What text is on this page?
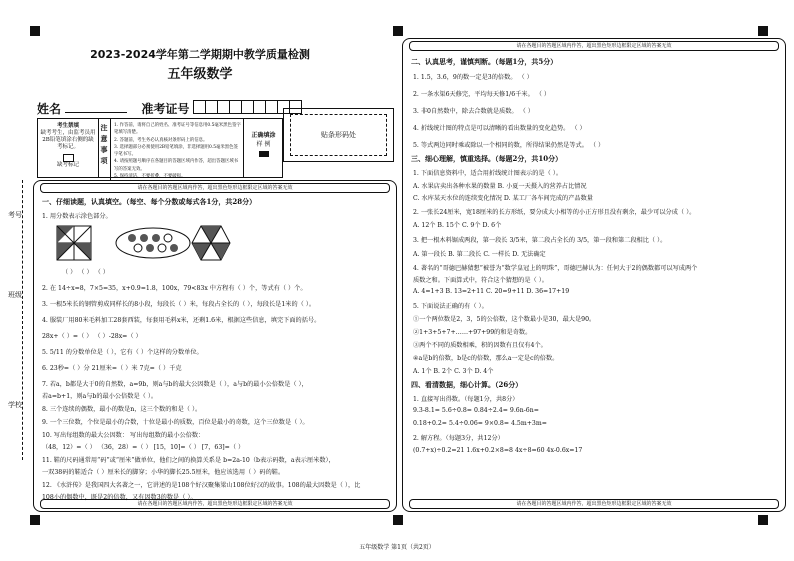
考号
班级
学校
2023-2024学年第二学期期中教学质量检测
五年级数学
姓名	准考证号
考生禁填
缺考考生，由监考员用2B铅笔填涂右侧的缺考标记。
缺考标记
注意事项
1. 作答前，请将自己的姓名、准考证号等信息用0.5毫米黑色签字笔填写清楚。
2. 答题前，考生务必认真核对条形码上的信息。
3. 选择题部分必须使用2B铅笔填涂，非选择题用0.5毫米黑色签字笔书写。
4. 请按照题号顺序在各题目的答题区域内作答，超出答题区域书写的答案无效。
5. 保持清洁，不要折叠，不要破损。
正确填涂
样 例
贴条形码处
请在各题目的答题区域内作答，超出黑色矩形边框限定区域的答案无效
请在各题目的答题区域内作答，超出黑色矩形边框限定区域的答案无效
一、仔细读题，认真填空。（每空、每个分数或每式各1分，共28分）
1. 用分数表示涂色部分。
（ ） （ ） （ ）
2. 在 14÷x=8，7×5=35，x+0.9=1.8，100x，79<83x 中方程有（ ）个，等式有（ ）个。
3. 一根5米长的钢管剪成同样长的8小段，每段长（ ）米，每段占全长的（ ），每段长是1米的（ ）。
4. 服装厂用80米毛料加工28套西装，每套用毛料x米，还剩1.6米，根据这些信息，填完下面的括号。
28x+（ ）=（ ） （ ）-28x=（ ）
5. 5/11 的分数单位是（ ），它有（ ）个这样的分数单位。
6. 23秒=（ ）分 21厘米=（ ）米 7克=（ ）千克
7. 若a，b都是大于0的自然数，a=9b，则a与b的最大公因数是（ ），a与b的最小公倍数是（ ），
若a=b+1，则a与b的最小公倍数是（ ）。
8. 三个连续的偶数，最小的数是n，这三个数的和是（ ）。
9. 一个三位数，个位是最小的合数，十位是最小的质数，百位是最小的奇数，这个三位数是（ ）。
10. 写出每组数的最大公因数： 写出每组数的最小公倍数：
（48，12）=（ ） （36，28）=（ ） [15，10]=（ ） [7，63]=（ ）
11. 鞋的尺码通常用“码”或“厘米”做单位，他们之间的换算关系是 b=2a-10（b表示码数，a表示厘米数），
一双38码的鞋适合（ ）厘米长的脚穿；小华的脚长25.5厘米，他应该选用（ ）码的鞋。
12. 《水浒传》是我国四大名著之一，它讲述的是108个好汉聚集梁山108位好汉的故事。108的最大因数是（ ），比
108小的偶数中，既是2的倍数，又有因数3的数是（ ）。
请在各题目的答题区域内作答，超出黑色矩形边框限定区域的答案无效
请在各题目的答题区域内作答，超出黑色矩形边框限定区域的答案无效
二、认真思考，谨慎判断。（每题1分，共5分）
1. 1.5，3.6，9的数一定是3的倍数。 （ ）
2. 一条水渠6天修完，平均每天修1/6千米。 （ ）
3. 非0自然数中，除去合数就是质数。 （ ）
4. 折线统计图的特点是可以清晰的看出数量的变化趋势。 （ ）
5. 等式两边同时乘或除以一个相同的数，所得结果仍然是等式。 （ ）
三、细心理解，慎重选择。（每题2分，共10分）
1. 下面信息资料中，适合用折线统计图表示的是（ ）。
A. 水果店卖出各种水果的数量 B. 小夏一天摄入的营养占比情况
C. 水库某天水位的连续变化情况 D. 某工厂各车间完成的产品数量
2. 一张长24厘米，宽18厘米的长方形纸，要分成大小相等的小正方形且没有剩余，最少可以分成（ ）。
A. 12个 B. 15个 C. 9个 D. 6个
3. 把一根木料锯成两段，第一段长 3/5米，第二段占全长的 3/5，第一段和第二段相比（ ）。
A. 第一段长 B. 第二段长 C. 一样长 D. 无法确定
4. 著名的“哥德巴赫猜想”被誉为“数学皇冠上的明珠”，哥德巴赫认为：任何大于2的偶数都可以写成两个
质数之和。下面算式中，符合这个猜想的是（ ）。
A. 4=1+3 B. 13=2+11 C. 20=9+11 D. 36=17+19
5. 下面说法正确的有（ ）。
①一个两位数是2，3，5的公倍数，这个数最小是30，最大是90。
②1+3+5+7+……+97+99的和是奇数。
③两个不同的质数相乘，积的因数有且仅有4个。
④a是b的倍数，b是c的倍数，那么a一定是c的倍数。
A. 1个 B. 2个 C. 3个 D. 4个
四、看清数据，细心计算。（26分）
1. 直接写出得数。（每题1分，共8分）
9.3-8.1= 5.6÷0.8= 0.84÷2.4= 9.6n-6n=
0.18+0.2= 5.4÷0.06= 9×0.8= 4.5m+3m=
2. 解方程。（每题3分，共12分）
(0.7+x)÷0.2=21 1.6x+0.2×8=8 4x÷8=60 4x-0.6x=17
五年级数学 第1页（共2页）
